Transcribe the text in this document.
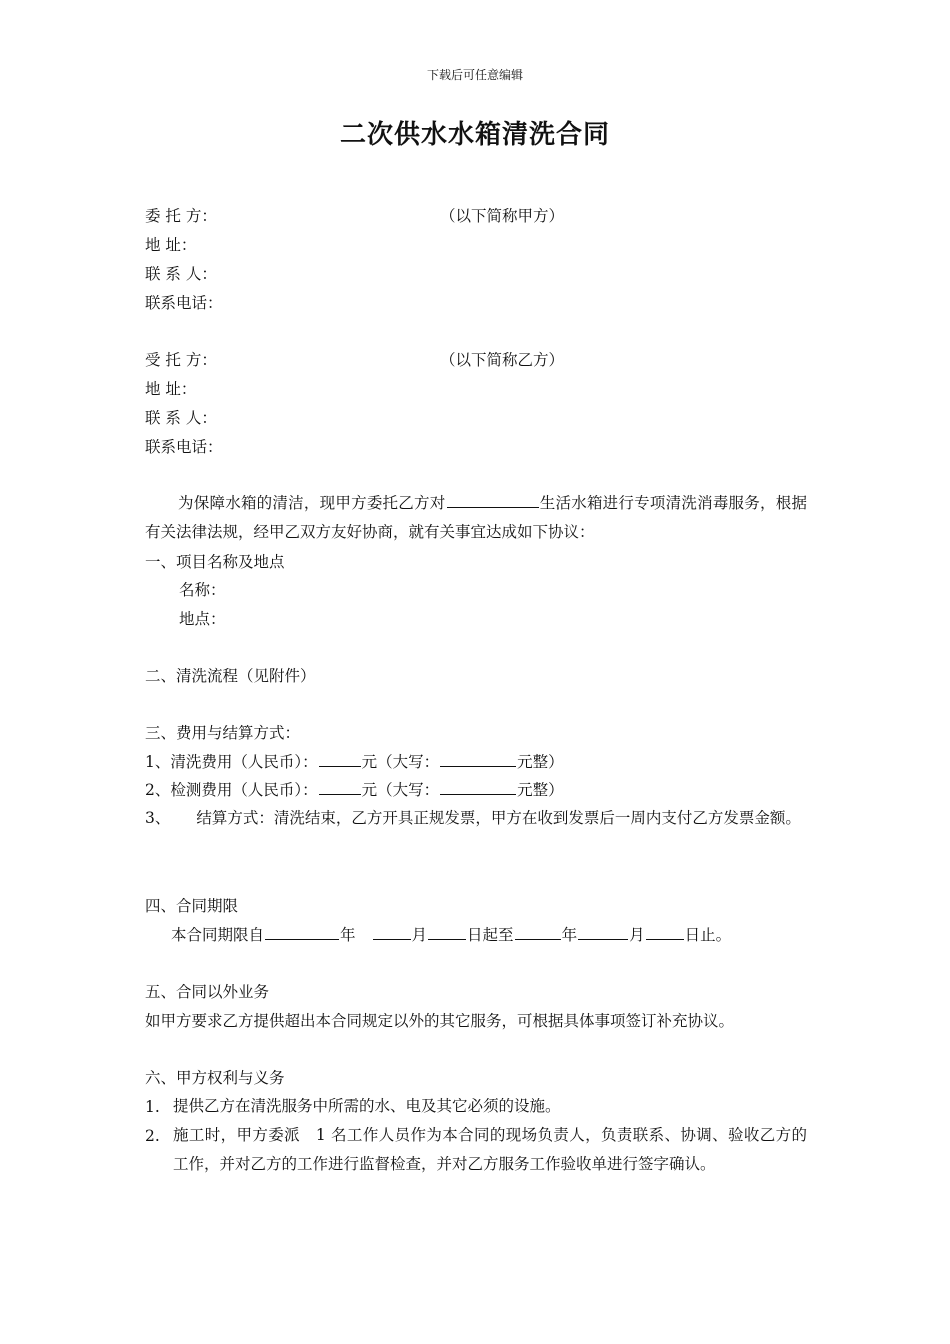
下载后可任意编辑
二次供水水箱清洗合同
委 托 方：	（以下简称甲方）
地 址：
联 系 人：
联系电话：
受 托 方：	（以下简称乙方）
地 址：
联 系 人：
联系电话：
为保障水箱的清洁，现甲方委托乙方对	生活水箱进行专项清洗消毒服务，根据有关法律法规，经甲乙双方友好协商，就有关事宜达成如下协议：
一、项目名称及地点
名称：
地点：
二、清洗流程（见附件）
三、费用与结算方式：
1、清洗费用（人民币）：	元（大写：	元整）
2、检测费用（人民币）：	元（大写：	元整）
3、 结算方式：清洗结束，乙方开具正规发票，甲方在收到发票后一周内支付乙方发票金额。
四、合同期限
本合同期限自	年	月	日起至	年	月	日止。
五、合同以外业务
如甲方要求乙方提供超出本合同规定以外的其它服务，可根据具体事项签订补充协议。
六、甲方权利与义务
1. 提供乙方在清洗服务中所需的水、电及其它必须的设施。
2. 施工时，甲方委派　1 名工作人员作为本合同的现场负责人，负责联系、协调、验收乙方的工作，并对乙方的工作进行监督检查，并对乙方服务工作验收单进行签字确认。
